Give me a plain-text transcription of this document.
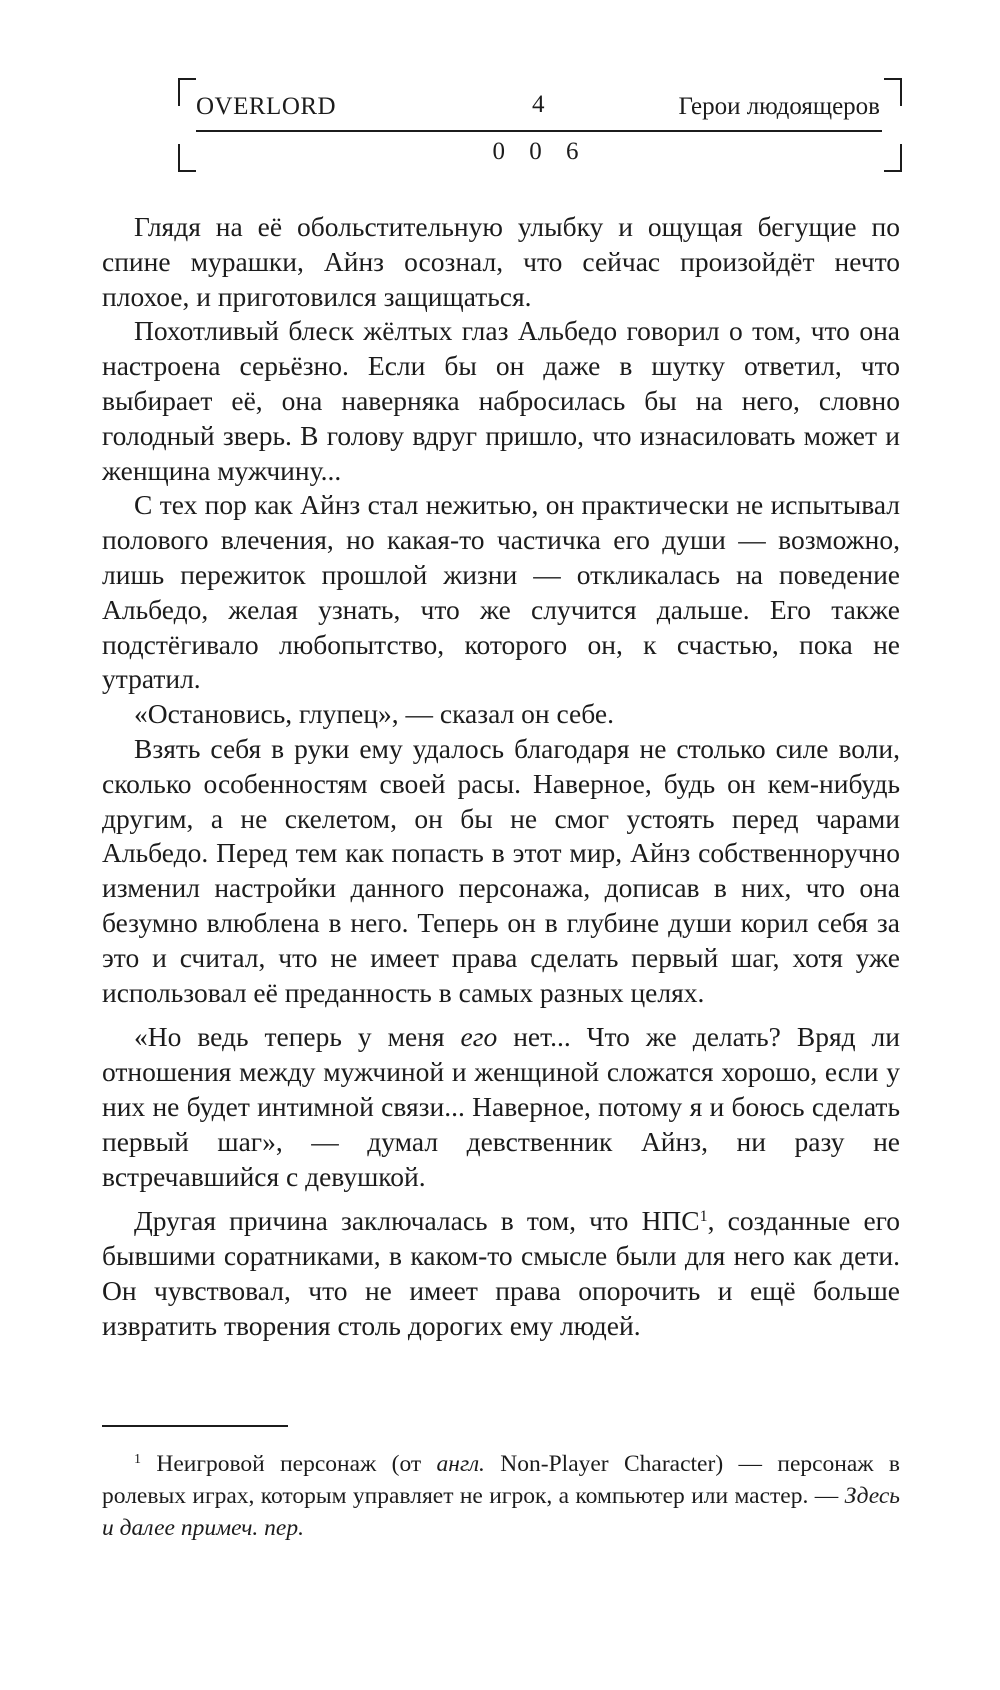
OVERLORD	4	Герои людоящеров
0 0 6

Глядя на её обольстительную улыбку и ощущая бегущие по спине мурашки, Айнз осознал, что сейчас произойдёт нечто плохое, и приготовился защищаться.

Похотливый блеск жёлтых глаз Альбедо говорил о том, что она настроена серьёзно. Если бы он даже в шутку ответил, что выбирает её, она наверняка набросилась бы на него, словно голодный зверь. В голову вдруг пришло, что изнасиловать может и женщина мужчину...

С тех пор как Айнз стал нежитью, он практически не испытывал полового влечения, но какая-то частичка его души — возможно, лишь пережиток прошлой жизни — откликалась на поведение Альбедо, желая узнать, что же случится дальше. Его также подстёгивало любопытство, которого он, к счастью, пока не утратил.

«Остановись, глупец», — сказал он себе.

Взять себя в руки ему удалось благодаря не столько силе воли, сколько особенностям своей расы. Наверное, будь он кем-нибудь другим, а не скелетом, он бы не смог устоять перед чарами Альбедо. Перед тем как попасть в этот мир, Айнз собственноручно изменил настройки данного персонажа, дописав в них, что она безумно влюблена в него. Теперь он в глубине души корил себя за это и считал, что не имеет права сделать первый шаг, хотя уже использовал её преданность в самых разных целях.

«Но ведь теперь у меня его нет... Что же делать? Вряд ли отношения между мужчиной и женщиной сложатся хорошо, если у них не будет интимной связи... Наверное, потому я и боюсь сделать первый шаг», — думал девственник Айнз, ни разу не встречавшийся с девушкой.

Другая причина заключалась в том, что НПС$^1$, созданные его бывшими соратниками, в каком-то смысле были для него как дети. Он чувствовал, что не имеет права опорочить и ещё больше извратить творения столь дорогих ему людей.

$^1$ Неигровой персонаж (от англ. Non-Player Character) — персонаж в ролевых играх, которым управляет не игрок, а компьютер или мастер. — Здесь и далее примеч. пер.
